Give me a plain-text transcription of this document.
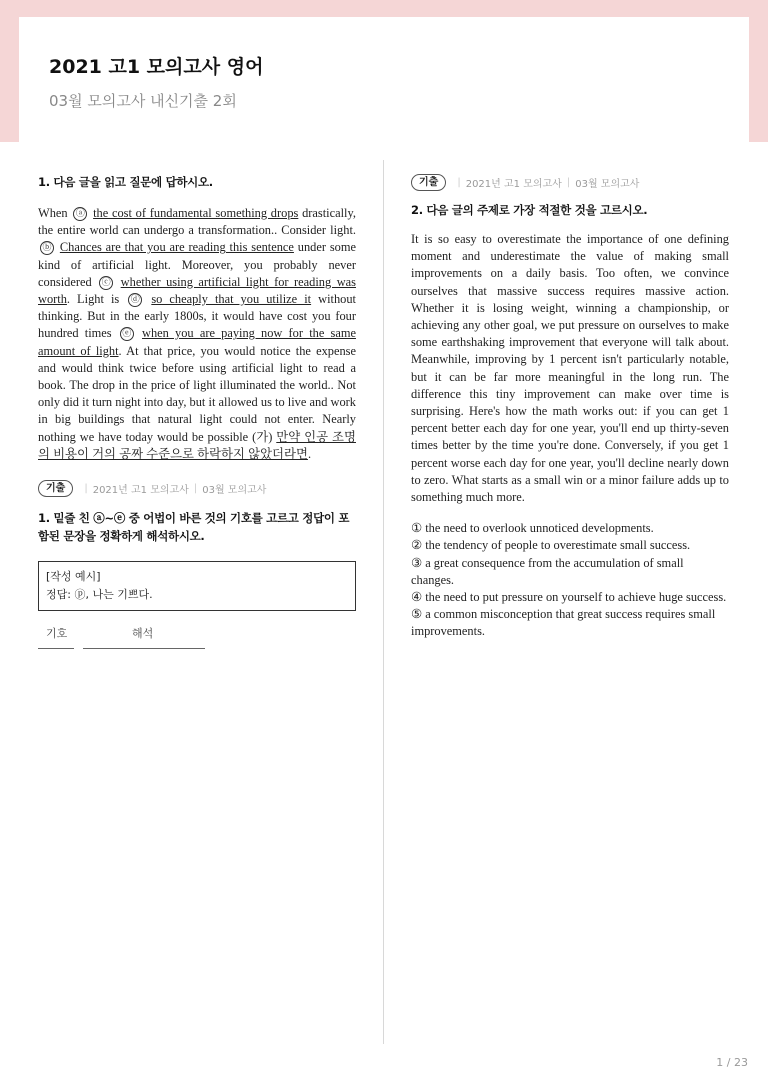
2021 고1 모의고사 영어
03월 모의고사 내신기출 2회
1. 다음 글을 읽고 질문에 답하시오.
When ⓐ the cost of fundamental something drops drastically, the entire world can undergo a transformation.. Consider light. ⓑ Chances are that you are reading this sentence under some kind of artificial light. Moreover, you probably never considered ⓒ whether using artificial light for reading was worth. Light is ⓓ so cheaply that you utilize it without thinking. But in the early 1800s, it would have cost you four hundred times ⓔ when you are paying now for the same amount of light. At that price, you would notice the expense and would think twice before using artificial light to read a book. The drop in the price of light illuminated the world.. Not only did it turn night into day, but it allowed us to live and work in big buildings that natural light could not enter. Nearly nothing we have today would be possible (가) 만약 인공 조명의 비용이 거의 공짜 수준으로 하락하지 않았더라면.
기출	| 2021년 고1 모의고사 | 03월 모의고사
1. 밑줄 친 ⓐ~ⓔ 중 어법이 바른 것의 기호를 고르고 정답이 포함된 문장을 정확하게 해석하시오.
[작성 예시]
정답: ⓟ, 나는 기쁘다.
기호	해석
기출	| 2021년 고1 모의고사 | 03월 모의고사
2. 다음 글의 주제로 가장 적절한 것을 고르시오.
It is so easy to overestimate the importance of one defining moment and underestimate the value of making small improvements on a daily basis. Too often, we convince ourselves that massive success requires massive action. Whether it is losing weight, winning a championship, or achieving any other goal, we put pressure on ourselves to make some earthshaking improvement that everyone will talk about. Meanwhile, improving by 1 percent isn't particularly notable, but it can be far more meaningful in the long run. The difference this tiny improvement can make over time is surprising. Here's how the math works out: if you can get 1 percent better each day for one year, you'll end up thirty-seven times better by the time you're done. Conversely, if you get 1 percent worse each day for one year, you'll decline nearly down to zero. What starts as a small win or a minor failure adds up to something much more.
① the need to overlook unnoticed developments.
② the tendency of people to overestimate small success.
③ a great consequence from the accumulation of small changes.
④ the need to put pressure on yourself to achieve huge success.
⑤ a common misconception that great success requires small improvements.
1 / 23
